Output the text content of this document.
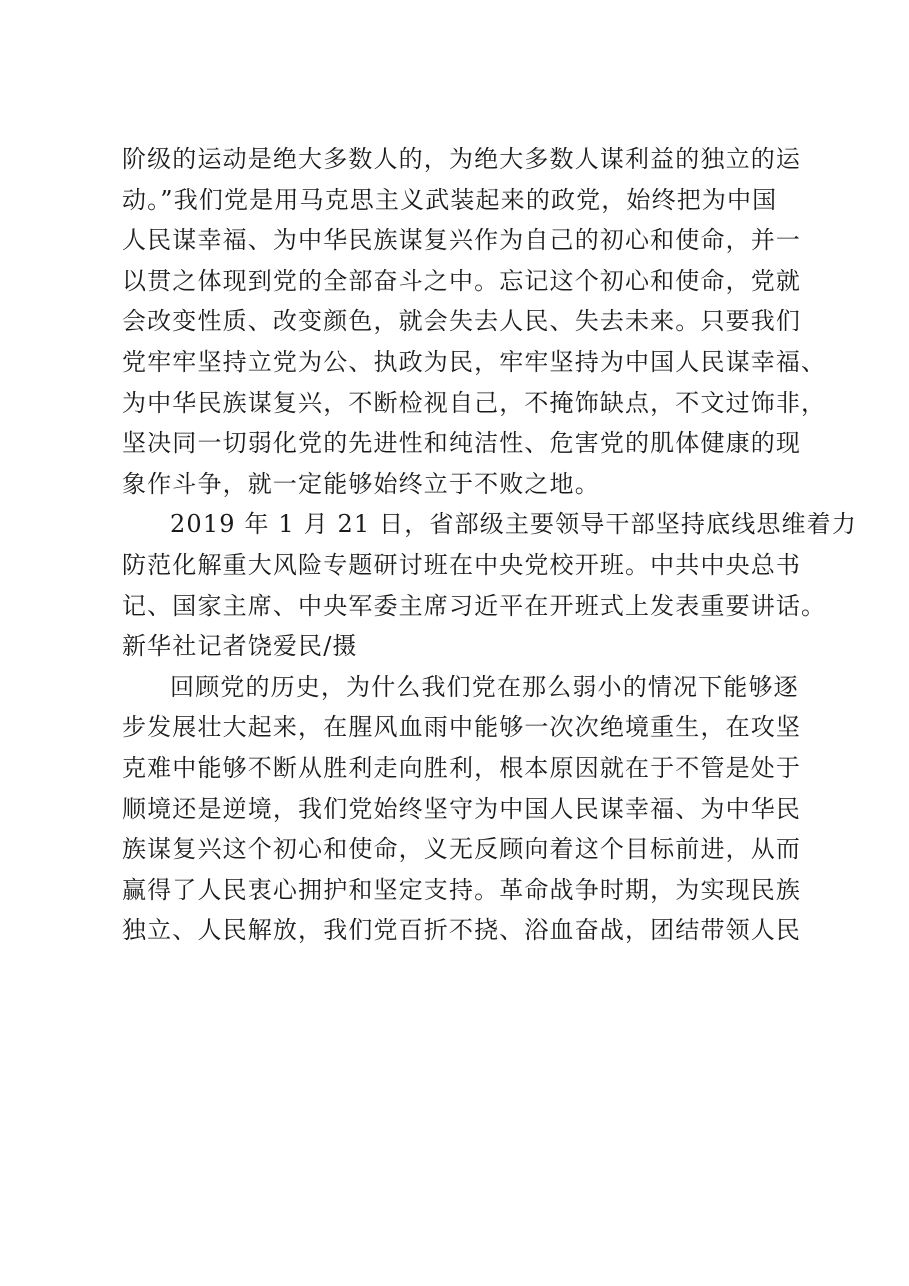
阶级的运动是绝大多数人的，为绝大多数人谋利益的独立的运
动。”我们党是用马克思主义武装起来的政党，始终把为中国
人民谋幸福、为中华民族谋复兴作为自己的初心和使命，并一
以贯之体现到党的全部奋斗之中。忘记这个初心和使命，党就
会改变性质、改变颜色，就会失去人民、失去未来。只要我们
党牢牢坚持立党为公、执政为民，牢牢坚持为中国人民谋幸福、
为中华民族谋复兴，不断检视自己，不掩饰缺点，不文过饰非，
坚决同一切弱化党的先进性和纯洁性、危害党的肌体健康的现
象作斗争，就一定能够始终立于不败之地。
2019 年 1 月 21 日，省部级主要领导干部坚持底线思维着力
防范化解重大风险专题研讨班在中央党校开班。中共中央总书
记、国家主席、中央军委主席习近平在开班式上发表重要讲话。
新华社记者饶爱民/摄
回顾党的历史，为什么我们党在那么弱小的情况下能够逐
步发展壮大起来，在腥风血雨中能够一次次绝境重生，在攻坚
克难中能够不断从胜利走向胜利，根本原因就在于不管是处于
顺境还是逆境，我们党始终坚守为中国人民谋幸福、为中华民
族谋复兴这个初心和使命，义无反顾向着这个目标前进，从而
赢得了人民衷心拥护和坚定支持。革命战争时期，为实现民族
独立、人民解放，我们党百折不挠、浴血奋战，团结带领人民
